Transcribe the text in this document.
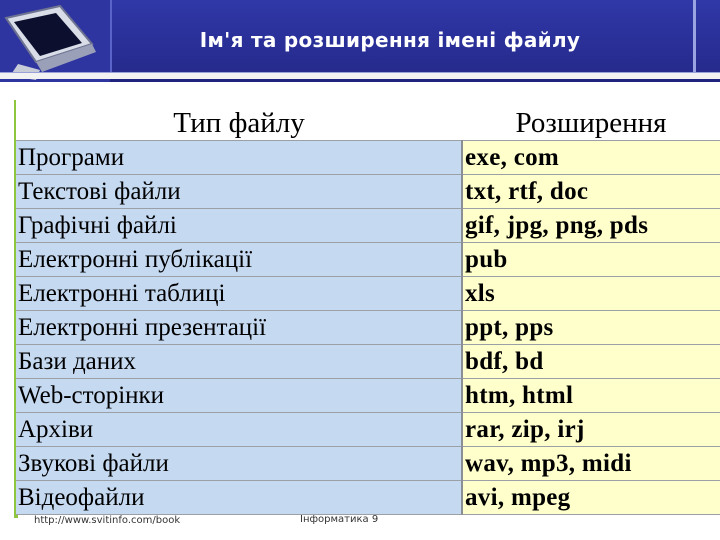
Ім'я та розширення імені файлу
Тип файлу	Розширення
Програми	exe, com
Текстові файли	txt, rtf, doc
Графічні файлі	gif, jpg, png, pds
Електронні публікації	pub
Електронні таблиці	xls
Електронні презентації	ppt, pps
Бази даних	bdf, bd
Web-сторінки	htm, html
Архіви	rar, zip, irj
Звукові файли	wav, mp3, midi
Відеофайли	avi, mpeg
http://www.svitinfo.com/book	Інформатика 9
